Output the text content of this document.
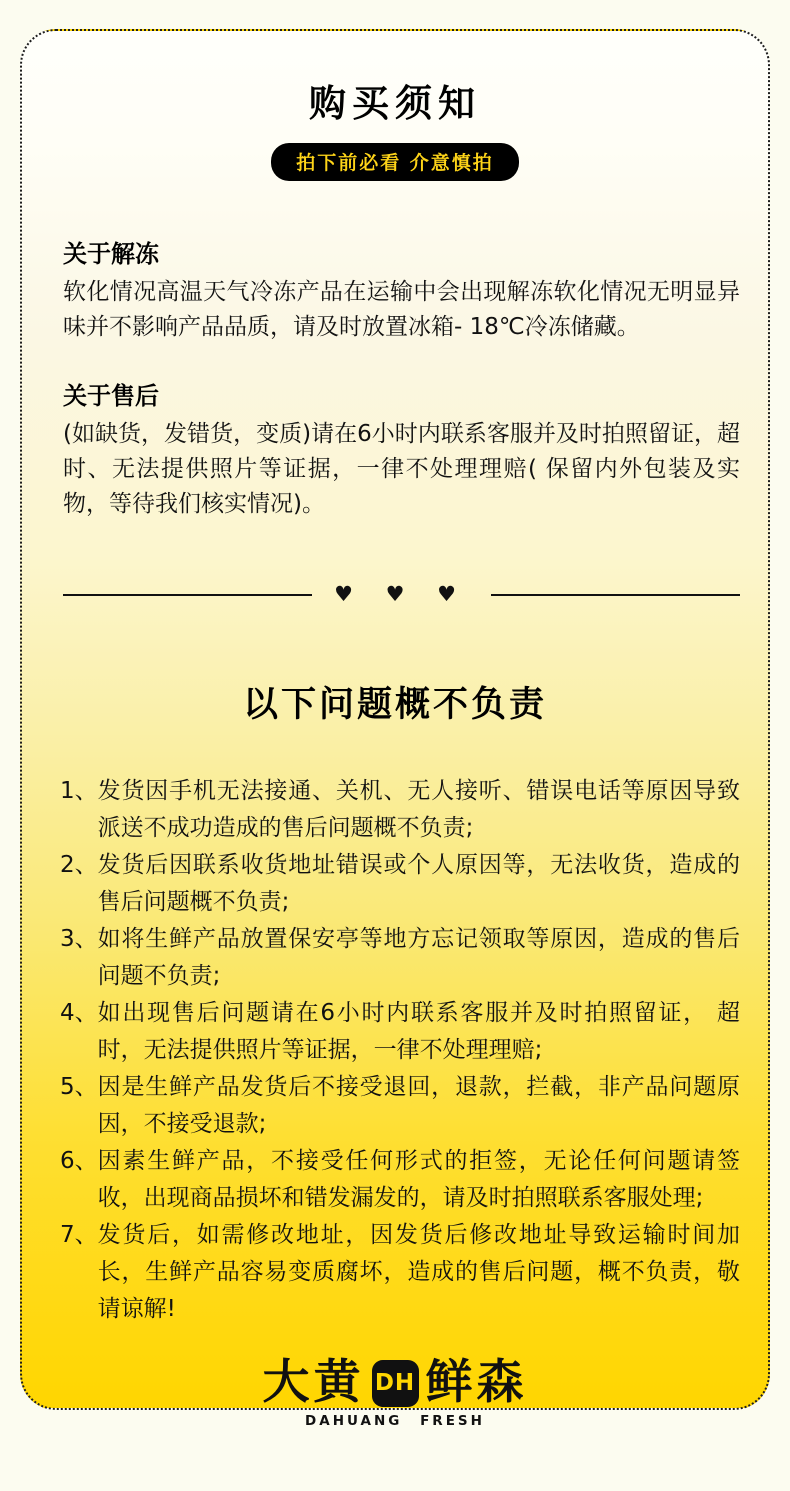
购买须知
拍下前必看 介意慎拍
关于解冻

软化情况高温天气冷冻产品在运输中会出现解冻软化情况无明显异味并不影响产品品质，请及时放置冰箱- 18℃冷冻储藏。

关于售后

(如缺货，发错货，变质)请在6小时内联系客服并及时拍照留证，超时、无法提供照片等证据，一律不处理理赔( 保留内外包装及实物，等待我们核实情况)。

♥ ♥ ♥
以下问题概不负责
1、 发货因手机无法接通、关机、无人接听、错误电话等原因导致派送不成功造成的售后问题概不负责;
2、 发货后因联系收货地址错误或个人原因等，无法收货，造成的售后问题概不负责;
3、 如将生鲜产品放置保安亭等地方忘记领取等原因，造成的售后问题不负责;
4、 如出现售后问题请在6小时内联系客服并及时拍照留证， 超时，无法提供照片等证据，一律不处理理赔;
5、 因是生鲜产品发货后不接受退回，退款，拦截，非产品问题原因，不接受退款;
6、 因素生鲜产品，不接受任何形式的拒签，无论任何问题请签收，出现商品损坏和错发漏发的，请及时拍照联系客服处理;
7、 发货后，如需修改地址，因发货后修改地址导致运输时间加长，生鲜产品容易变质腐坏，造成的售后问题，概不负责，敬请谅解!
大黄 DH 鲜森
DAHUANG FRESH
